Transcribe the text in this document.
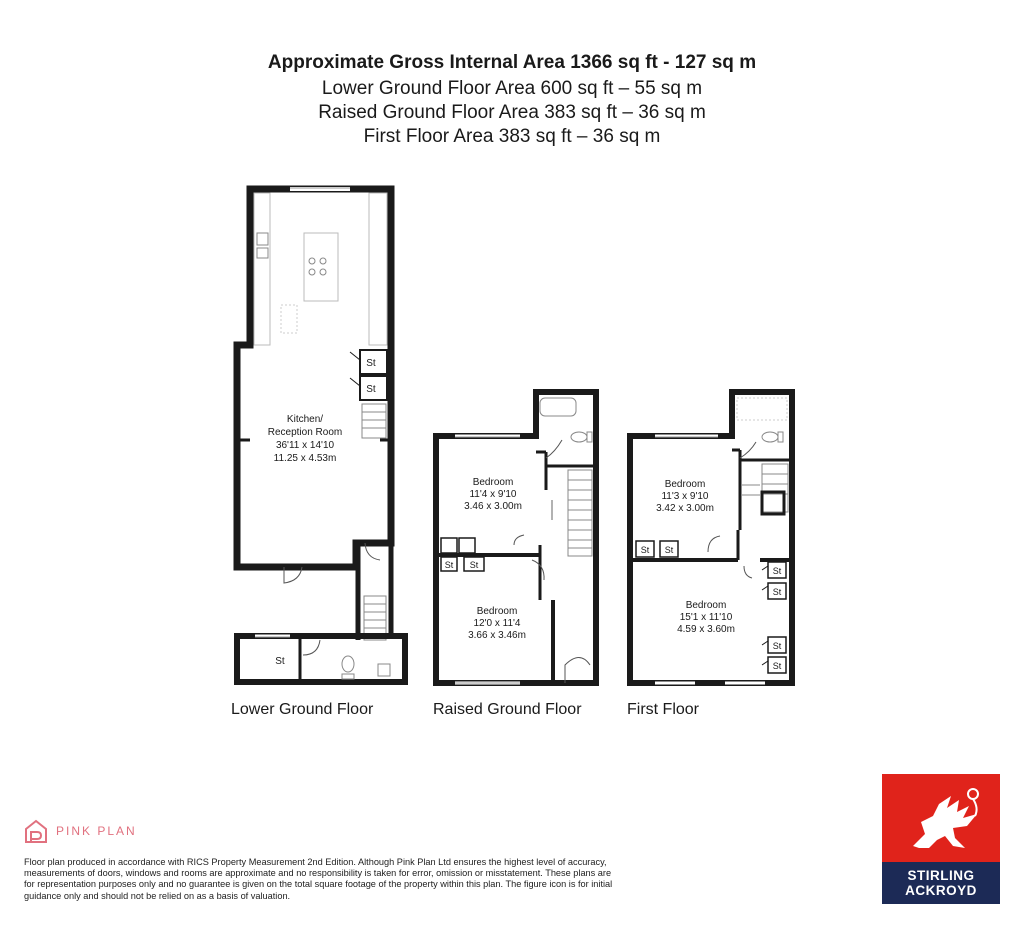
Approximate Gross Internal Area 1366 sq ft - 127 sq m
Lower Ground Floor Area 600 sq ft – 55 sq m
Raised Ground Floor Area 383 sq ft – 36 sq m
First Floor Area 383 sq ft – 36 sq m
St
St
St
Kitchen/
Reception Room
36'11 x 14'10
11.25 x 4.53m
St St
Bedroom
11'4 x 9'10
3.46 x 3.00m
Bedroom
12'0 x 11'4
3.66 x 3.46m
St St
St
St
St
St
Bedroom
11'3 x 9'10
3.42 x 3.00m
Bedroom
15'1 x 11'10
4.59 x 3.60m
Lower Ground Floor	Raised Ground Floor	First Floor
PINK PLAN
Floor plan produced in accordance with RICS Property Measurement 2nd Edition. Although Pink Plan Ltd ensures the highest level of accuracy, measurements of doors, windows and rooms are approximate and no responsibility is taken for error, omission or misstatement. These plans are for representation purposes only and no guarantee is given on the total square footage of the property within this plan. The figure icon is for initial guidance only and should not be relied on as a basis of valuation.
STIRLING
ACKROYD
